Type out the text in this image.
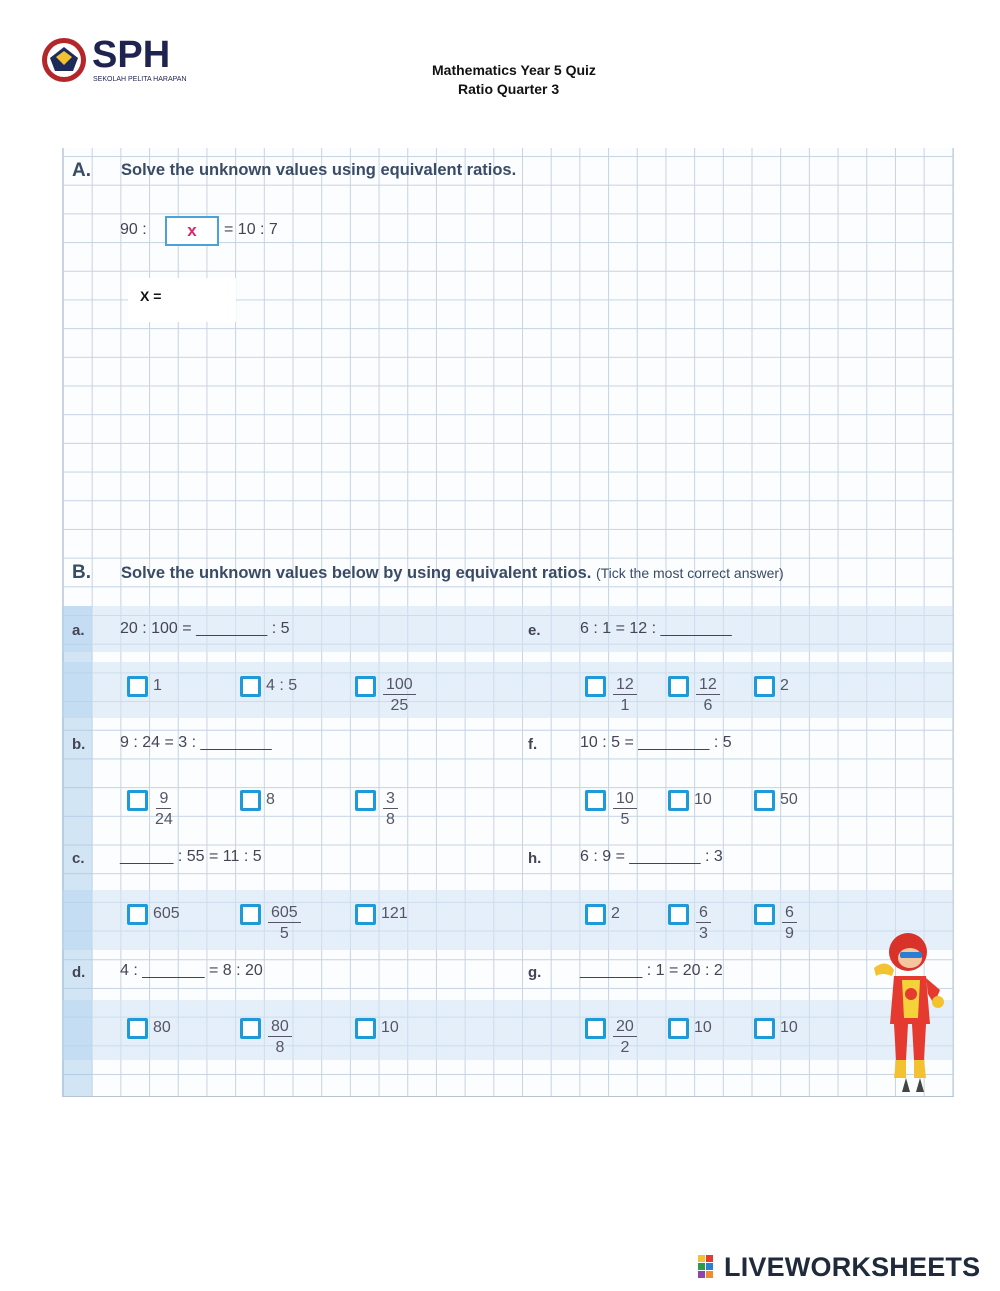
SPH
SEKOLAH PELITA HARAPAN
Mathematics Year 5 Quiz
Ratio Quarter 3
A. Solve the unknown values using equivalent ratios.
90 :	x	= 10 : 7
X =
B. Solve the unknown values below by using equivalent ratios. (Tick the most correct answer)
a. 20 : 100 = ________ : 5
1	4 : 5	$\frac{100}{25}$
e. 6 : 1 = 12 : ________
$\frac{12}{1}$	$\frac{12}{6}$	2
b. 9 : 24 = 3 : ________
$\frac{9}{24}$	8	$\frac{3}{8}$
f.	10 : 5 = ________ : 5
$\frac{10}{5}$	10	50
c. ______ : 55 = 11 : 5
605	$\frac{605}{5}$	121
h. 6 : 9 = ________ : 3
2	$\frac{6}{3}$	$\frac{6}{9}$
d. 4 : _______ = 8 : 20
80	$\frac{80}{8}$	10
g. _______ : 1 = 20 : 2
$\frac{20}{2}$	10	10
LIVEWORKSHEETS
